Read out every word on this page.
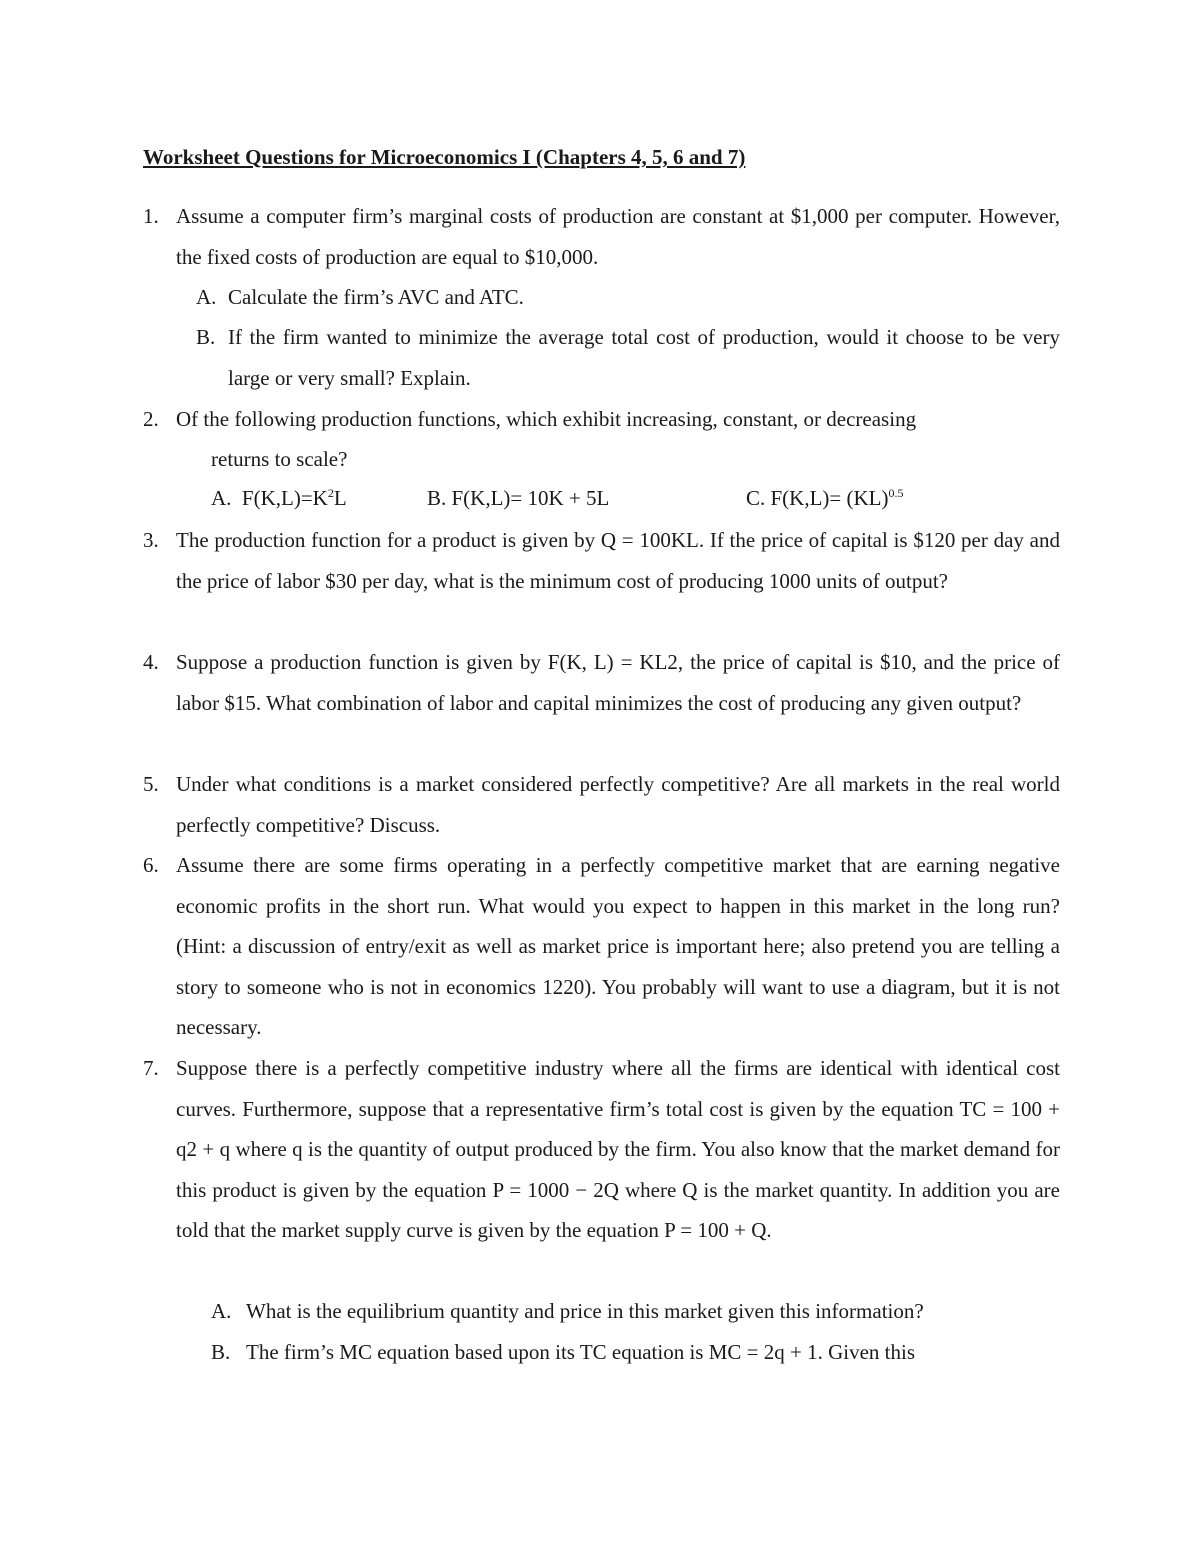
Worksheet Questions for Microeconomics I (Chapters 4, 5, 6 and 7)
1. Assume a computer firm’s marginal costs of production are constant at $1,000 per computer. However, the fixed costs of production are equal to $10,000.
A. Calculate the firm’s AVC and ATC.
B. If the firm wanted to minimize the average total cost of production, would it choose to be very large or very small? Explain.
2. Of the following production functions, which exhibit increasing, constant, or decreasing
returns to scale?
A. $F(K,L)=K^2L$	B. F(K,L)= 10K + 5L	C. F(K,L)= (KL)$^{0.5}$
3. The production function for a product is given by Q = 100KL. If the price of capital is $120 per day and the price of labor $30 per day, what is the minimum cost of producing 1000 units of output?
4. Suppose a production function is given by F(K, L) = KL2, the price of capital is $10, and the price of labor $15. What combination of labor and capital minimizes the cost of producing any given output?
5. Under what conditions is a market considered perfectly competitive? Are all markets in the real world perfectly competitive? Discuss.
6. Assume there are some firms operating in a perfectly competitive market that are earning negative economic profits in the short run. What would you expect to happen in this market in the long run? (Hint: a discussion of entry/exit as well as market price is important here; also pretend you are telling a story to someone who is not in economics 1220). You probably will want to use a diagram, but it is not necessary.
7. Suppose there is a perfectly competitive industry where all the firms are identical with identical cost curves. Furthermore, suppose that a representative firm’s total cost is given by the equation TC = 100 + q2 + q where q is the quantity of output produced by the firm. You also know that the market demand for this product is given by the equation P = 1000 − 2Q where Q is the market quantity. In addition you are told that the market supply curve is given by the equation P = 100 + Q.
A. What is the equilibrium quantity and price in this market given this information?
B. The firm’s MC equation based upon its TC equation is MC = 2q + 1. Given this
